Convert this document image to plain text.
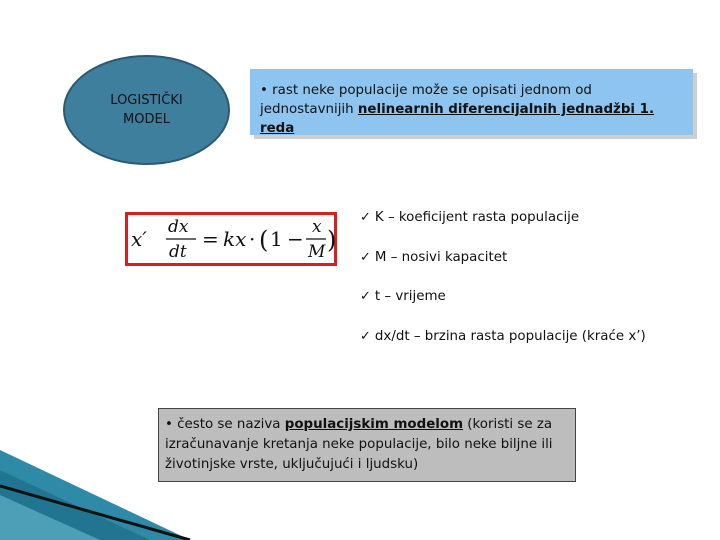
LOGISTIČKI
MODEL
• rast neke populacije može se opisati jednom od jednostavnijih nelinearnih diferencijalnih jednadžbi 1. reda
x′ dx
dt
= kx · ( 1 − x
M )
✓ K – koeficijent rasta populacije
✓ M – nosivi kapacitet
✓ t – vrijeme
✓ dx/dt – brzina rasta populacije (kraće x’)
• često se naziva populacijskim modelom (koristi se za izračunavanje kretanja neke populacije, bilo neke biljne ili životinjske vrste, uključujući i ljudsku)
